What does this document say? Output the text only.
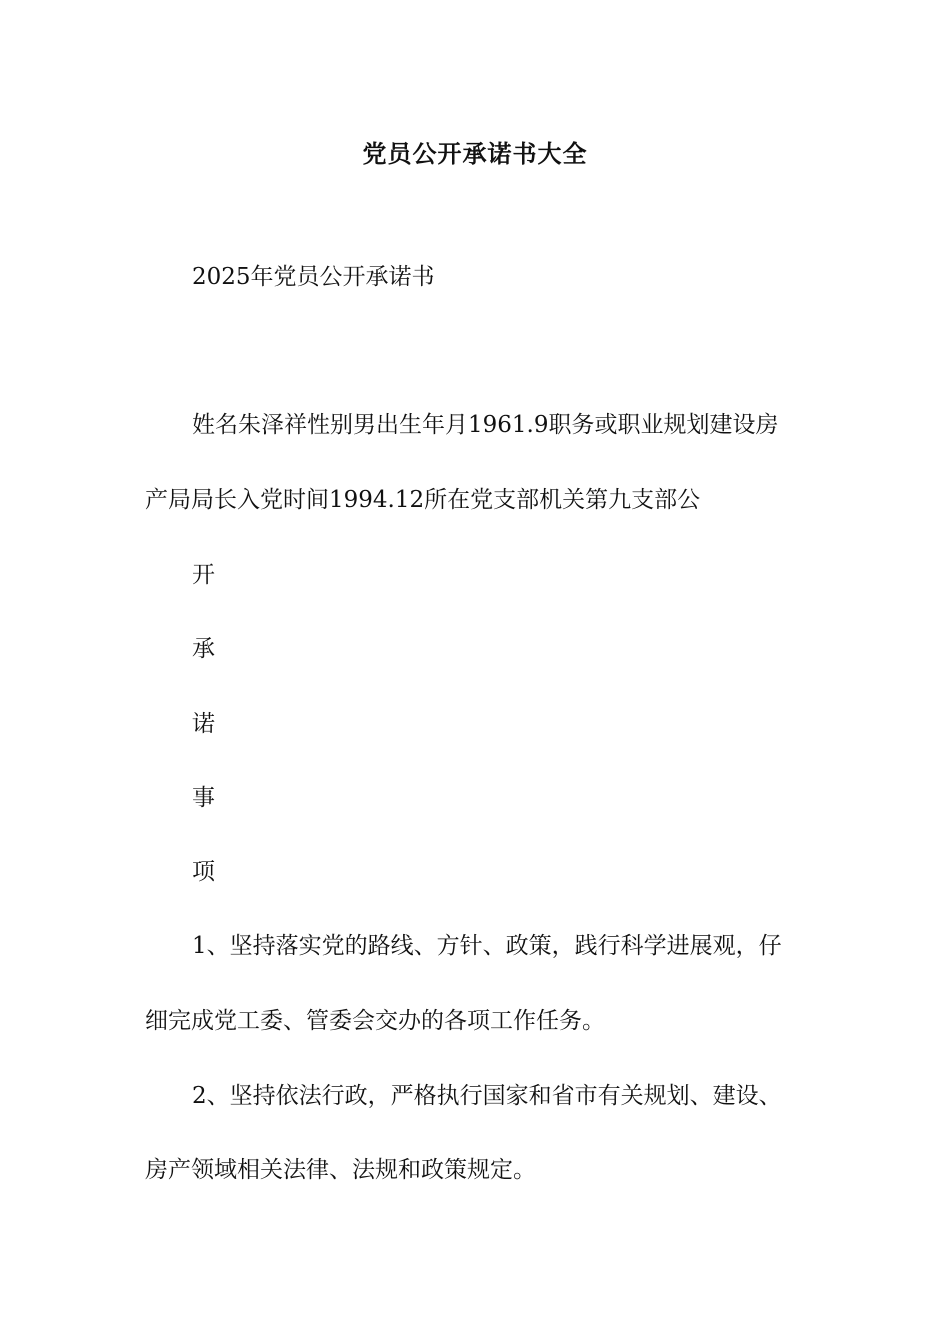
党员公开承诺书大全
2025年党员公开承诺书
姓名朱泽祥性别男出生年月1961.9职务或职业规划建设房
产局局长入党时间1994.12所在党支部机关第九支部公
开
承
诺
事
项
1、坚持落实党的路线、方针、政策，践行科学进展观，仔
细完成党工委、管委会交办的各项工作任务。
2、坚持依法行政，严格执行国家和省市有关规划、建设、
房产领域相关法律、法规和政策规定。
